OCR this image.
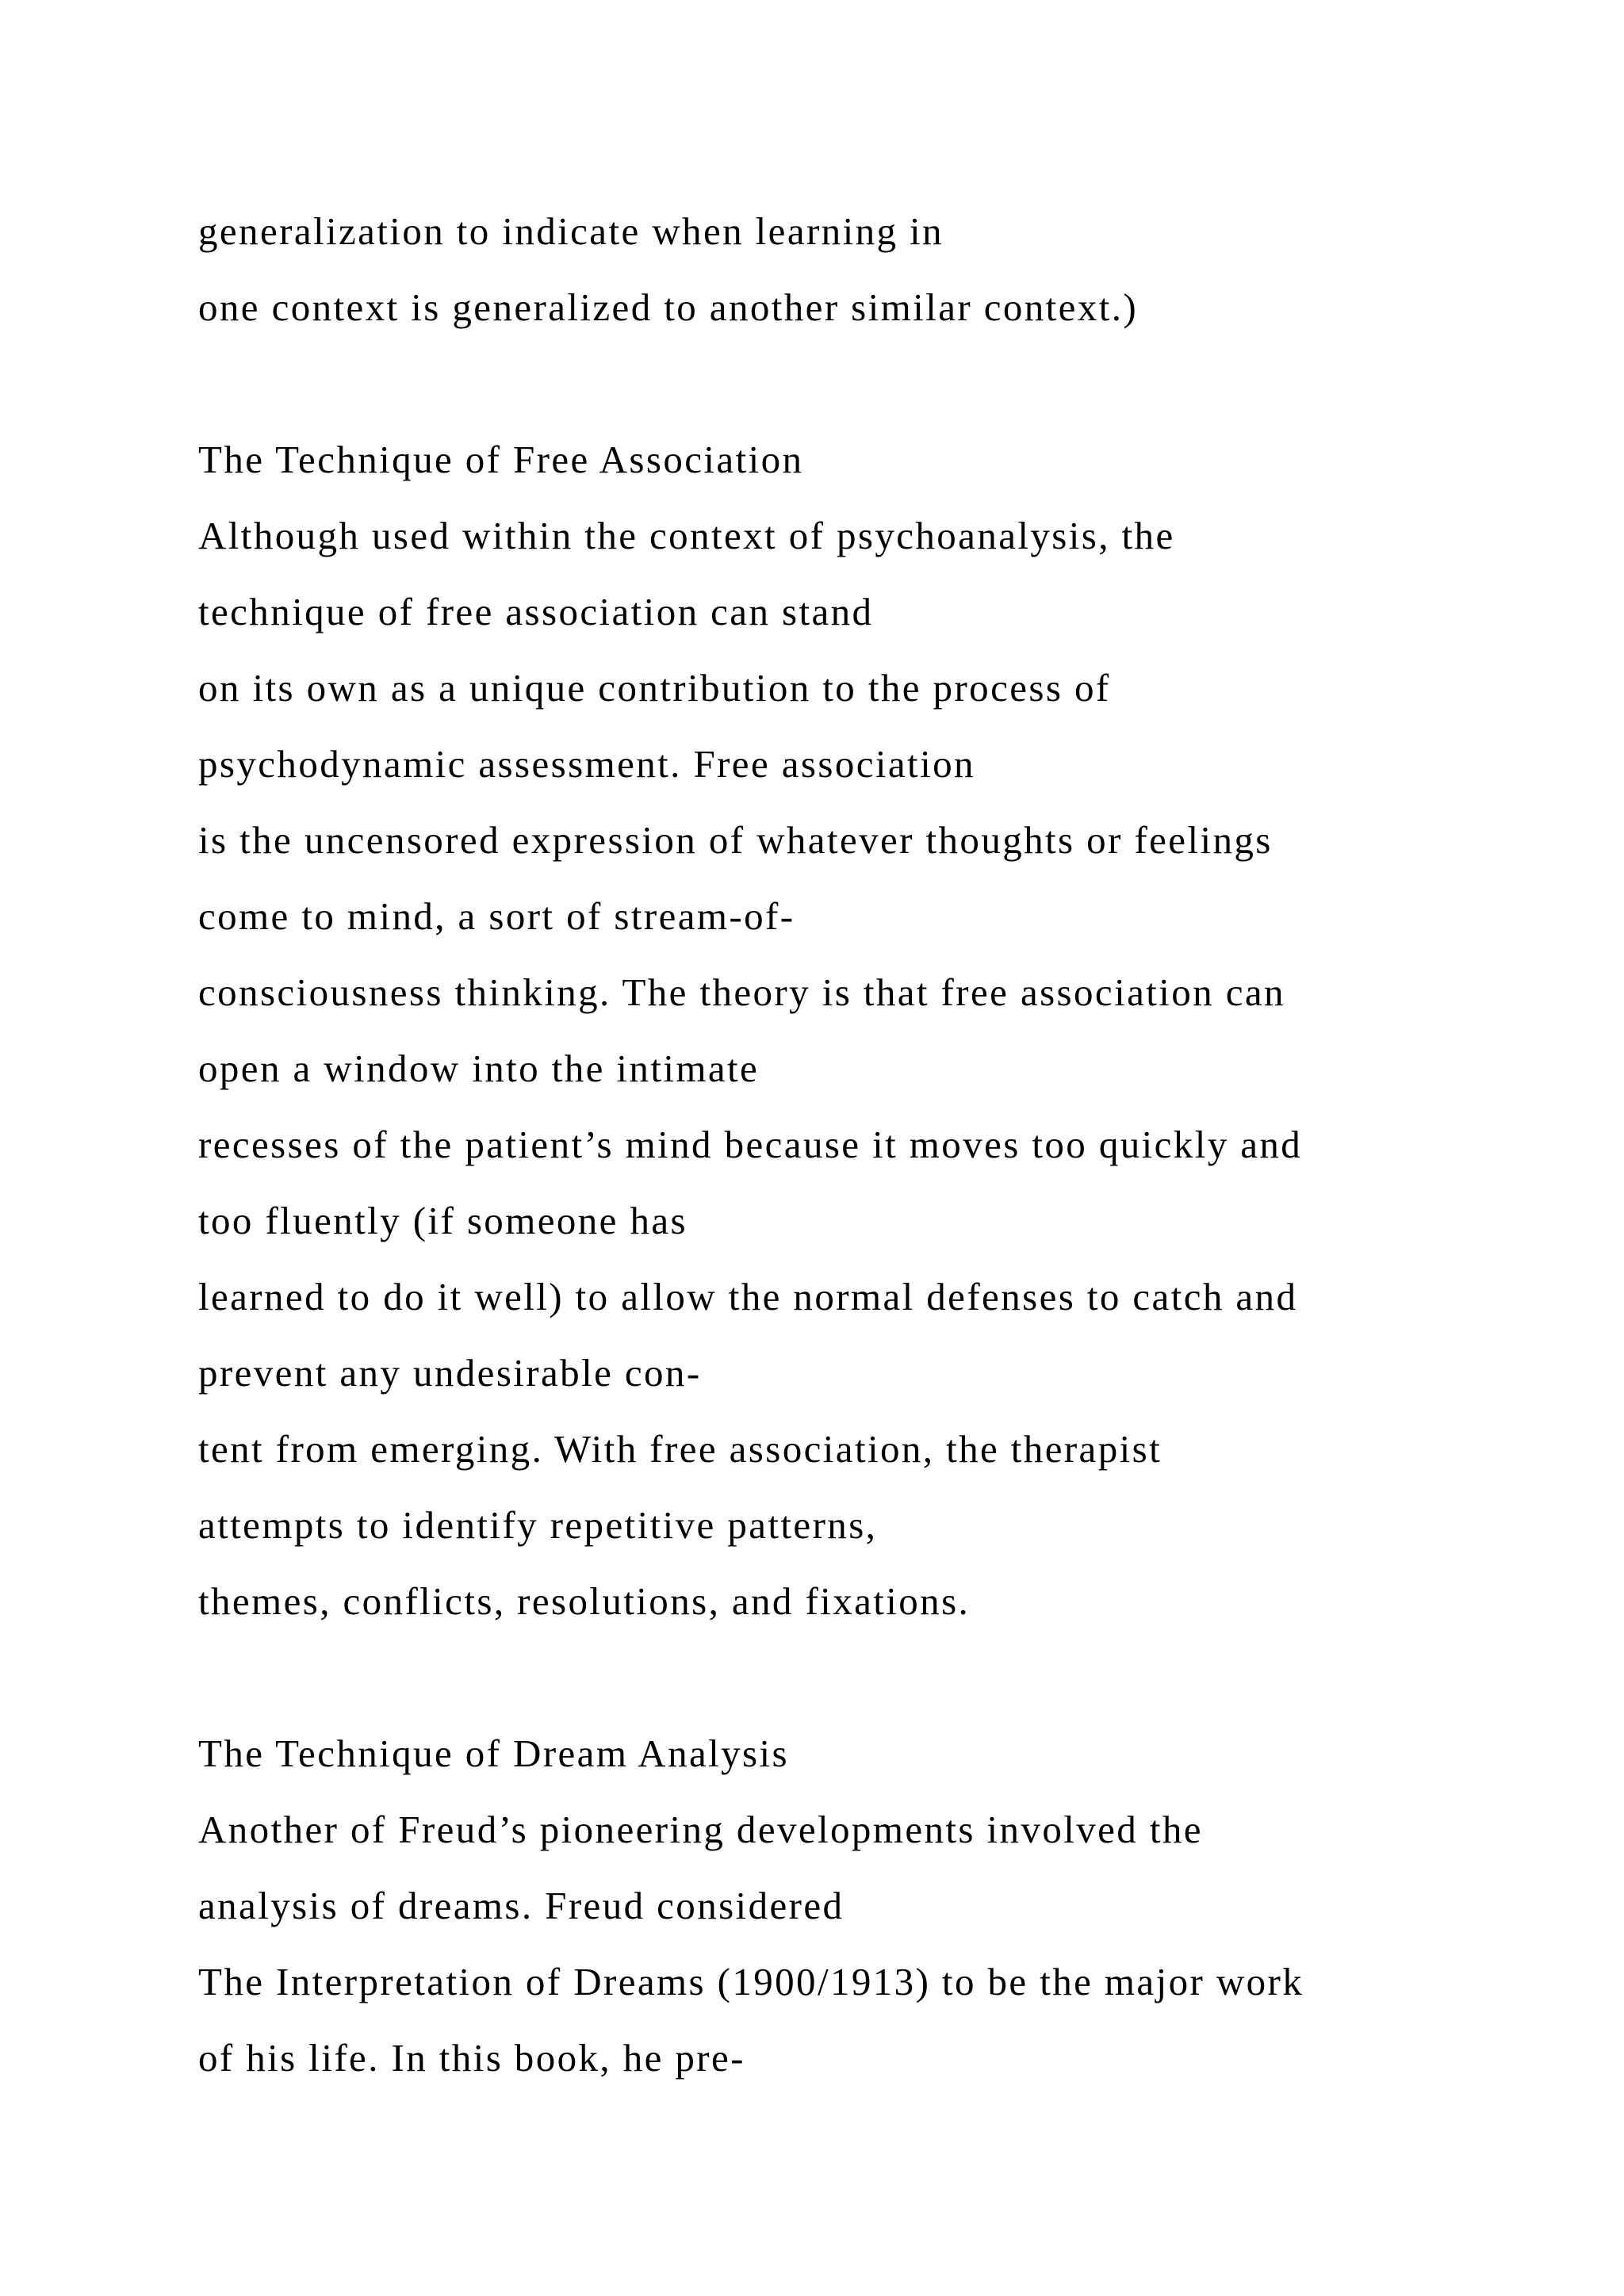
generalization to indicate when learning in
one context is generalized to another similar context.)
The Technique of Free Association
Although used within the context of psychoanalysis, the
technique of free association can stand
on its own as a unique contribution to the process of
psychodynamic assessment. Free association
is the uncensored expression of whatever thoughts or feelings
come to mind, a sort of stream-of-
consciousness thinking. The theory is that free association can
open a window into the intimate
recesses of the patient’s mind because it moves too quickly and
too fluently (if someone has
learned to do it well) to allow the normal defenses to catch and
prevent any undesirable con-
tent from emerging. With free association, the therapist
attempts to identify repetitive patterns,
themes, conflicts, resolutions, and fixations.
The Technique of Dream Analysis
Another of Freud’s pioneering developments involved the
analysis of dreams. Freud considered
The Interpretation of Dreams (1900/1913) to be the major work
of his life. In this book, he pre-
